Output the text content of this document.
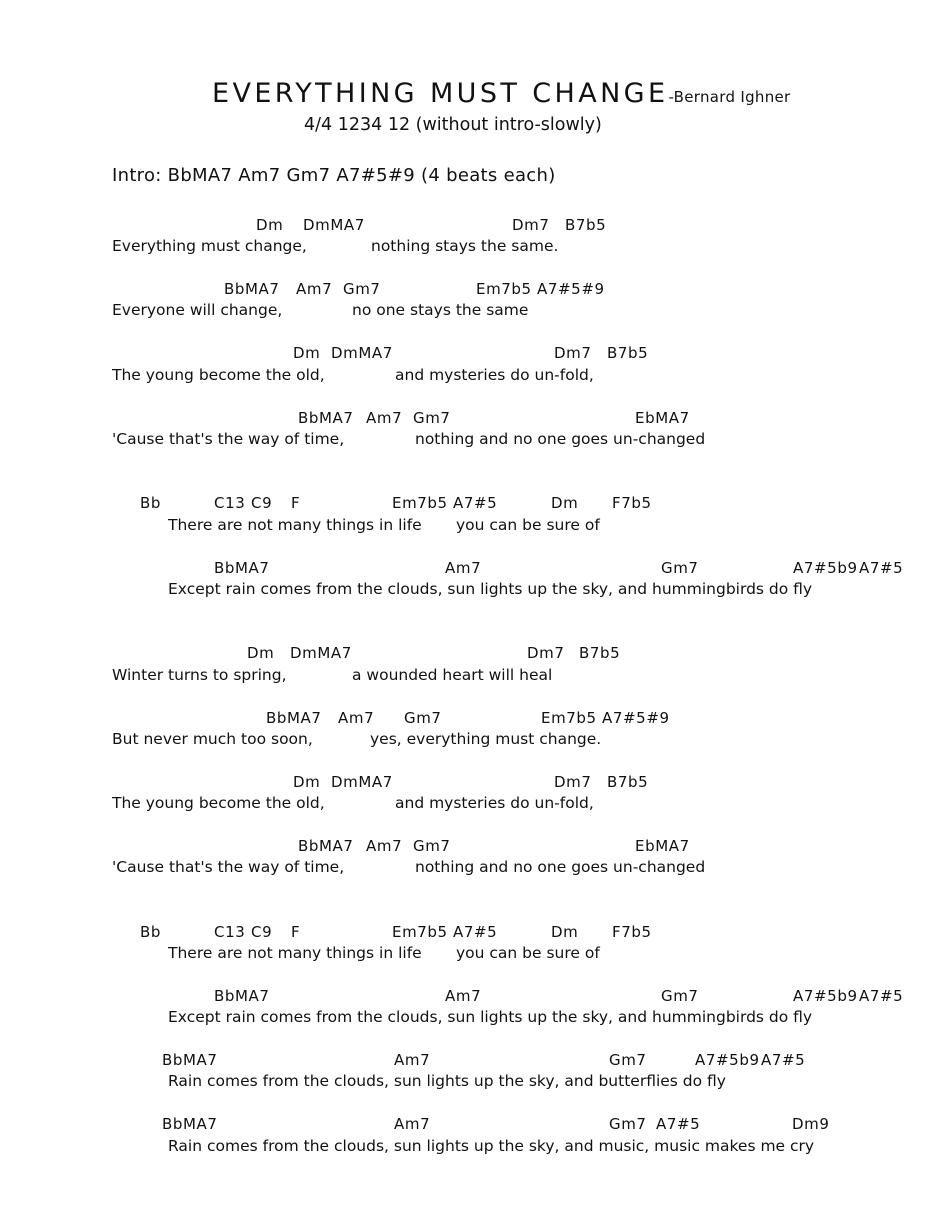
EVERYTHING MUST CHANGE-Bernard Ighner
4/4 1234 12 (without intro-slowly)
Intro: BbMA7 Am7 Gm7 A7#5#9 (4 beats each)
Dm DmMA7	Dm7 B7b5
Everything must change,	nothing stays the same.
BbMA7 Am7 Gm7	Em7b5 A7#5#9
Everyone will change,	no one stays the same
Dm DmMA7	Dm7 B7b5
The young become the old,	and mysteries do un-fold,
BbMA7 Am7 Gm7	EbMA7
'Cause that's the way of time,	nothing and no one goes un-changed
Bb	C13 C9 F	Em7b5 A7#5	Dm F7b5
There are not many things in life you can be sure of
BbMA7	Am7	Gm7	A7#5b9 A7#5
Except rain comes from the clouds, sun lights up the sky, and hummingbirds do fly
Dm DmMA7	Dm7 B7b5
Winter turns to spring,	a wounded heart will heal
BbMA7 Am7 Gm7	Em7b5 A7#5#9
But never much too soon,	yes, everything must change.
Dm DmMA7	Dm7 B7b5
The young become the old,	and mysteries do un-fold,
BbMA7 Am7 Gm7	EbMA7
'Cause that's the way of time,	nothing and no one goes un-changed
Bb	C13 C9 F	Em7b5 A7#5	Dm F7b5
There are not many things in life you can be sure of
BbMA7	Am7	Gm7	A7#5b9 A7#5
Except rain comes from the clouds, sun lights up the sky, and hummingbirds do fly
BbMA7	Am7	Gm7	A7#5b9 A7#5
Rain comes from the clouds, sun lights up the sky, and butterflies do fly
BbMA7	Am7	Gm7 A7#5	Dm9
Rain comes from the clouds, sun lights up the sky, and music, music makes me cry
